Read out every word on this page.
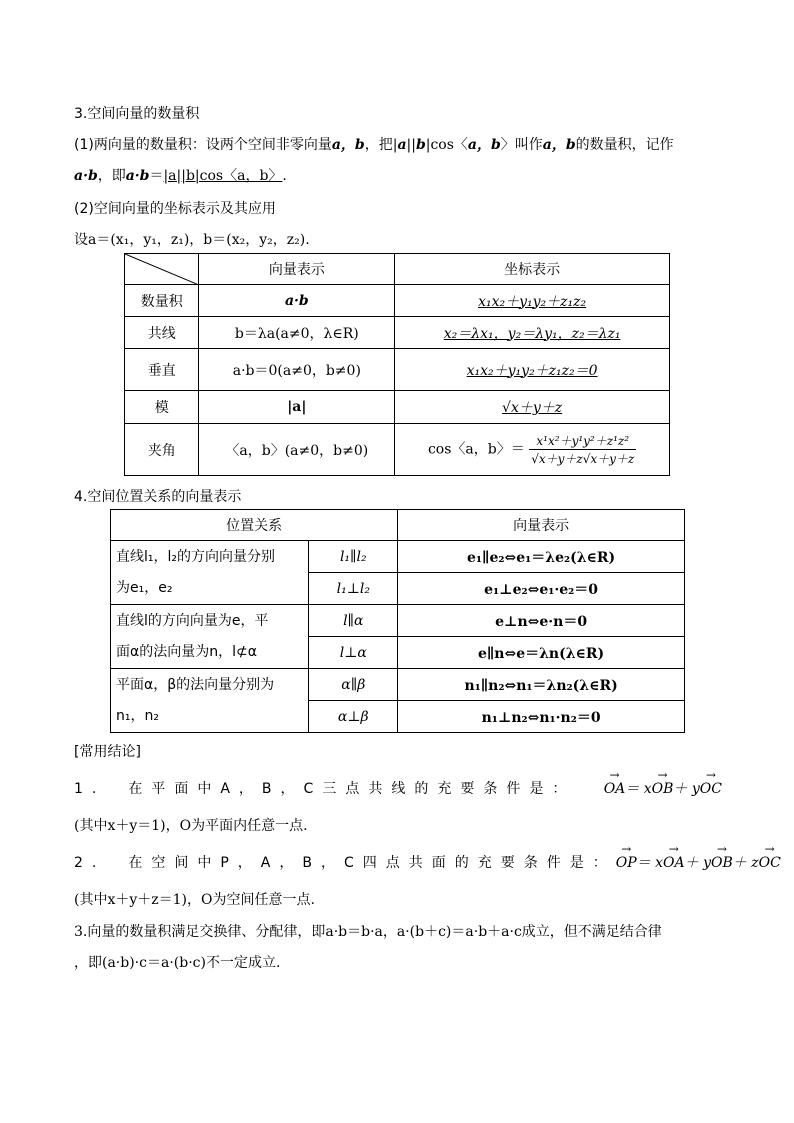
3.空间向量的数量积
(1)两向量的数量积：设两个空间非零向量a，b，把|a||b|cos〈a，b〉叫作a，b的数量积，记作
a·b，即a·b＝|a||b|cos〈a，b〉.
(2)空间向量的坐标表示及其应用
设a＝(x₁，y₁，z₁)，b＝(x₂，y₂，z₂).
	向量表示	坐标表示
数量积	a·b	x₁x₂＋y₁y₂＋z₁z₂
共线	b＝λa(a≠0，λ∈R)	x₂＝λx₁，y₂＝λy₁，z₂＝λz₁
垂直	a·b＝0(a≠0，b≠0)	x₁x₂＋y₁y₂＋z₁z₂＝0
模	|a|	√x＋y＋z
夹角	〈a，b〉(a≠0，b≠0)	cos〈a，b〉＝ $\frac{\text{x¹x²＋y¹y²＋z¹z²}}{√x+y+z√x+y+z}$
4.空间位置关系的向量表示
位置关系		向量表示
直线l₁，l₂的方向向量分别
为e₁，e₂	l₁∥l₂	e₁∥e₂⇔e₁＝λe₂(λ∈R)
	l₁⊥l₂	e₁⊥e₂⇔e₁·e₂＝0
直线l的方向向量为e，平
面α的法向量为n，l⊄α	l∥α	e⊥n⇔e·n＝0
	l⊥α	e∥n⇔e＝λn(λ∈R)
平面α，β的法向量分别为
n₁，n₂	α∥β	n₁∥n₂⇔n₁＝λn₂(λ∈R)
	α⊥β	n₁⊥n₂⇔n₁·n₂＝0
[常用结论]
1.　在平面中A，B，C三点共线的充要条件是： → OA＝ x→ OB＋ y→ OC
(其中x＋y＝1)，O为平面内任意一点.
2.　在空间中P，A，B，C四点共面的充要条件是： → OP＝ x→ OA＋ y→ OB＋ z→ OC
(其中x＋y＋z＝1)，O为空间任意一点.
3.向量的数量积满足交换律、分配律，即a·b＝b·a，a·(b＋c)＝a·b＋a·c成立，但不满足结合律
，即(a·b)·c＝a·(b·c)不一定成立.
